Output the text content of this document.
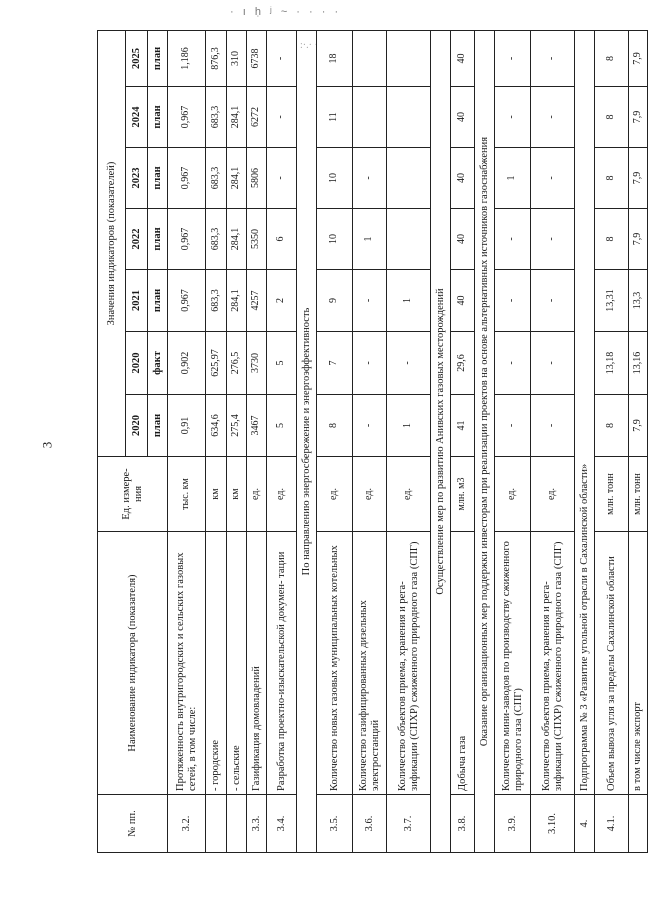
3
· ı ḥ ʲ ~ · · · ·
:·.· ·
№ пп.	Наименование индикатора (показателя)	Ед. измере- ния	Значения индикаторов (показателей)						
			2020	2020	2021	2022	2023	2024	2025
			план	факт	план	план	план	план	план
3.2.	Протяженность внутригородских и сельских газовых сетей, в том числе:	тыс. км	0,91	0,902	0,967	0,967	0,967	0,967	1,186
	- городские	км	634,6	625,97	683,3	683,3	683,3	683,3	876,3
	- сельские	км	275,4	276,5	284,1	284,1	284,1	284,1	310
3.3.	Газификация домовладений	ед.	3467	3730	4257	5350	5806	6272	6738
3.4.	Разработка проектно-изыскательской докумен- тации	ед.	5	5	2	6	-	-	-
По направлению энергосбережение и энергоэффективность									
3.5.	Количество новых газовых муниципальных котельных	ед.	8	7	9	10	10	11	18
3.6.	Количество газифицированных дизельных электростанций	ед.	-	-	-	1	-		
3.7.	Количество объектов приема, хранения и рега- зификации (СПХР) сжиженного природного газа (СПГ)	ед.	1	-	1				
Осуществление мер по развитию Анивских газовых месторождений									
3.8.	Добыча газа	млн. м3	41	29,6	40	40	40	40	40
Оказание организационных мер поддержки инвесторам при реализации проектов на основе альтернативных источников газоснабжения									
3.9.	Количество мини-заводов по производству сжиженного природного газа (СПГ)	ед.	-	-	-	-	1	-	-
3.10.	Количество объектов приема, хранения и рега- зификации (СПХР) сжиженного природного газа (СПГ)	ед.	-	-	-	-	-	-	-
4.	Подпрограмма № 3 «Развитие угольной отрасли в Сахалинской области»								
4.1.	Объем вывоза угля за пределы Сахалинской области	млн. тонн	8	13,18	13,31	8	8	8	8
	в том числе экспорт	млн. тонн	7,9	13,16	13,3	7,9	7,9	7,9	7,9
